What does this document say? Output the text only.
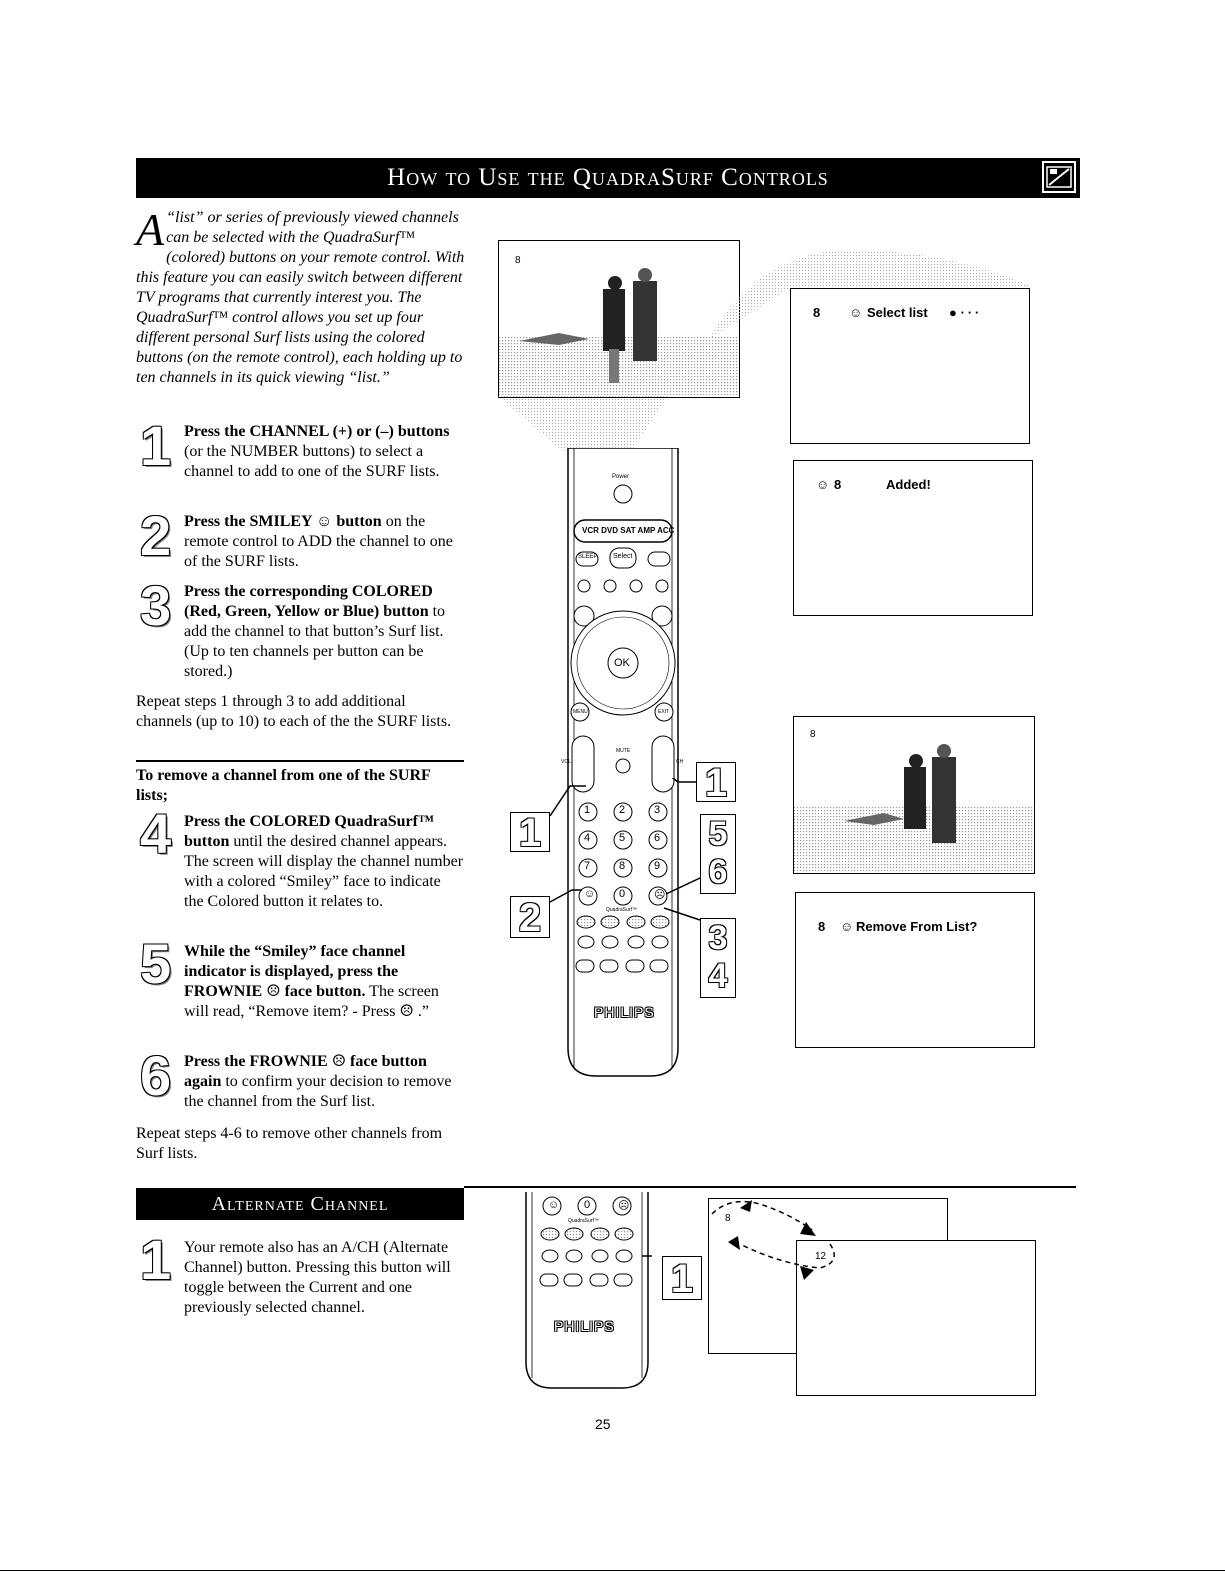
How to Use the QuadraSurf Controls
A “list” or series of previously viewed channels can be selected with the QuadraSurf™ (colored) buttons on your remote control. With this feature you can easily switch between different TV programs that currently interest you. The QuadraSurf™ control allows you set up four different personal Surf lists using the colored buttons (on the remote control), each holding up to ten channels in its quick viewing “list.”
1 Press the CHANNEL (+) or (–) buttons (or the NUMBER buttons) to select a channel to add to one of the SURF lists.
2 Press the SMILEY ☺ button on the remote control to ADD the channel to one of the SURF lists.
3 Press the corresponding COLORED (Red, Green, Yellow or Blue) button to add the channel to that button’s Surf list. (Up to ten channels per button can be stored.)
Repeat steps 1 through 3 to add additional channels (up to 10) to each of the the SURF lists.
To remove a channel from one of the SURF lists;
4 Press the COLORED QuadraSurf™ button until the desired channel appears. The screen will display the channel number with a colored “Smiley” face to indicate the Colored button it relates to.
5 While the “Smiley” face channel indicator is displayed, press the FROWNIE ☹ face button. The screen will read, “Remove item? - Press ☹ .”
6 Press the FROWNIE ☹ face button again to confirm your decision to remove the channel from the Surf list.
Repeat steps 4-6 to remove other channels from Surf lists.
8
8 ☺ Select list ● ∙ ∙ ∙
☺ 8	Added!
8
8 ☺ Remove From List?
Power
VCR DVD SAT AMP ACC
SLEEP Select
OK
MENU	EXIT
VOL	CH
MUTE
1	2	3
4	5	6
7	8	9
☺ 0	☹
QuadraSurf™
PHILIPS
1
1
2
5
6
3
4
Alternate Channel
1 Your remote also has an A/CH (Alternate Channel) button. Pressing this button will toggle between the Current and one previously selected channel.
☺ 0	☹
QuadraSurf™
PHILIPS
1
8
12
25
